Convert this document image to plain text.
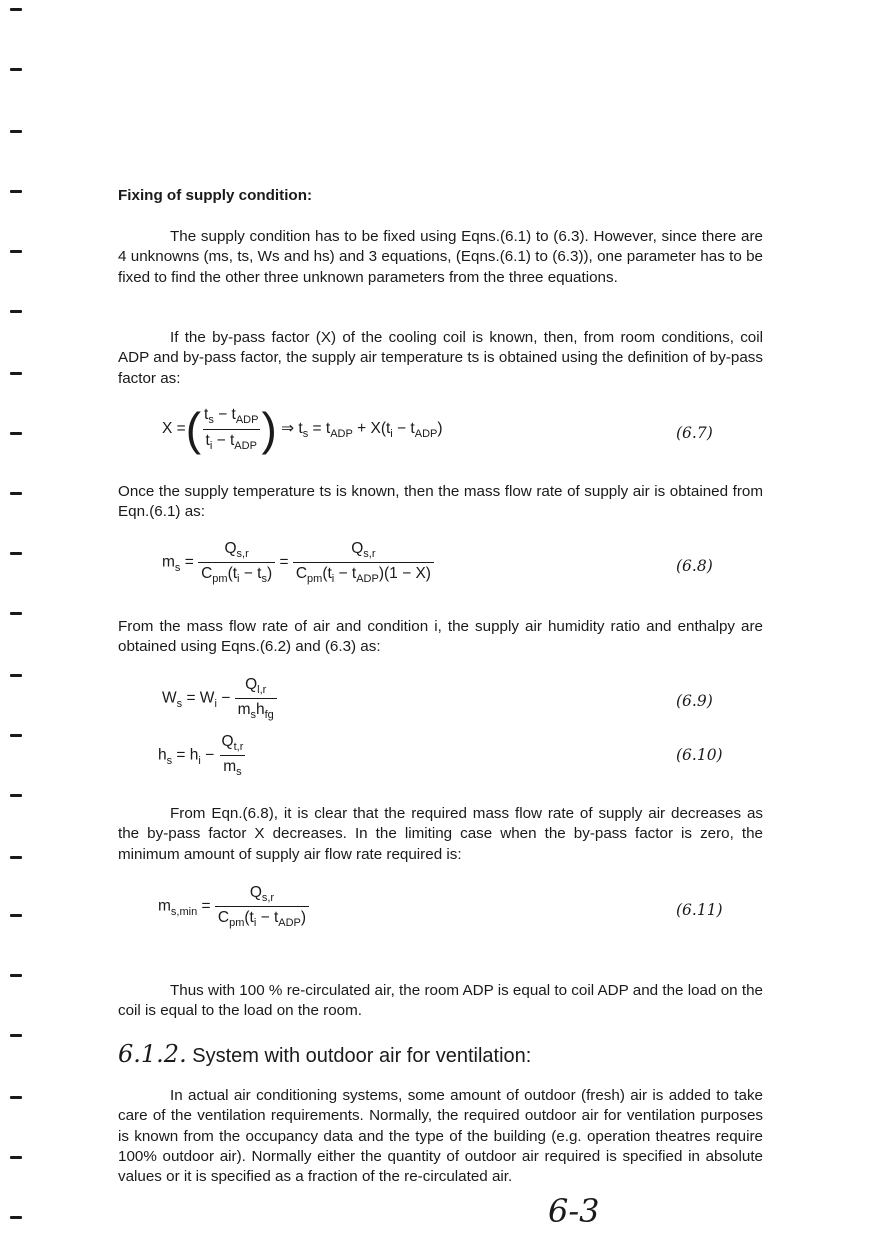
Fixing of supply condition:

The supply condition has to be fixed using Eqns.(6.1) to (6.3). However, since there are 4 unknowns (ms, ts, Ws and hs) and 3 equations, (Eqns.(6.1) to (6.3)), one parameter has to be fixed to find the other three unknown parameters from the three equations.

If the by-pass factor (X) of the cooling coil is known, then, from room conditions, coil ADP and by-pass factor, the supply air temperature ts is obtained using the definition of by-pass factor as:

X =( $\frac{t_s - t_{ADP}}{t_i - t_{ADP}}$ ) ⇒ $t_s = t_{ADP} + X(t_i - t_{ADP})$	(6.7)

Once the supply temperature ts is known, then the mass flow rate of supply air is obtained from Eqn.(6.1) as:

$m_s = \frac{Q_{s,r}}{C_{pm}(t_i - t_s)} = \frac{Q_{s,r}}{C_{pm}(t_i - t_{ADP})(1 - X)}$	(6.8)

From the mass flow rate of air and condition i, the supply air humidity ratio and enthalpy are obtained using Eqns.(6.2) and (6.3) as:

$W_s = W_i - \frac{Q_{l,r}}{m_sh_{fg}}$	(6.9)
$h_s = h_i - \frac{Q_{t,r}}{m_s}$	(6.10)

From Eqn.(6.8), it is clear that the required mass flow rate of supply air decreases as the by-pass factor X decreases. In the limiting case when the by-pass factor is zero, the minimum amount of supply air flow rate required is:

$m_{s,min} = \frac{Q_{s,r}}{C_{pm}(t_i - t_{ADP})}$	(6.11)

Thus with 100 % re-circulated air, the room ADP is equal to coil ADP and the load on the coil is equal to the load on the room.

6.1.2. System with outdoor air for ventilation:

In actual air conditioning systems, some amount of outdoor (fresh) air is added to take care of the ventilation requirements. Normally, the required outdoor air for ventilation purposes is known from the occupancy data and the type of the building (e.g. operation theatres require 100% outdoor air). Normally either the quantity of outdoor air required is specified in absolute values or it is specified as a fraction of the re-circulated air.

6-3
